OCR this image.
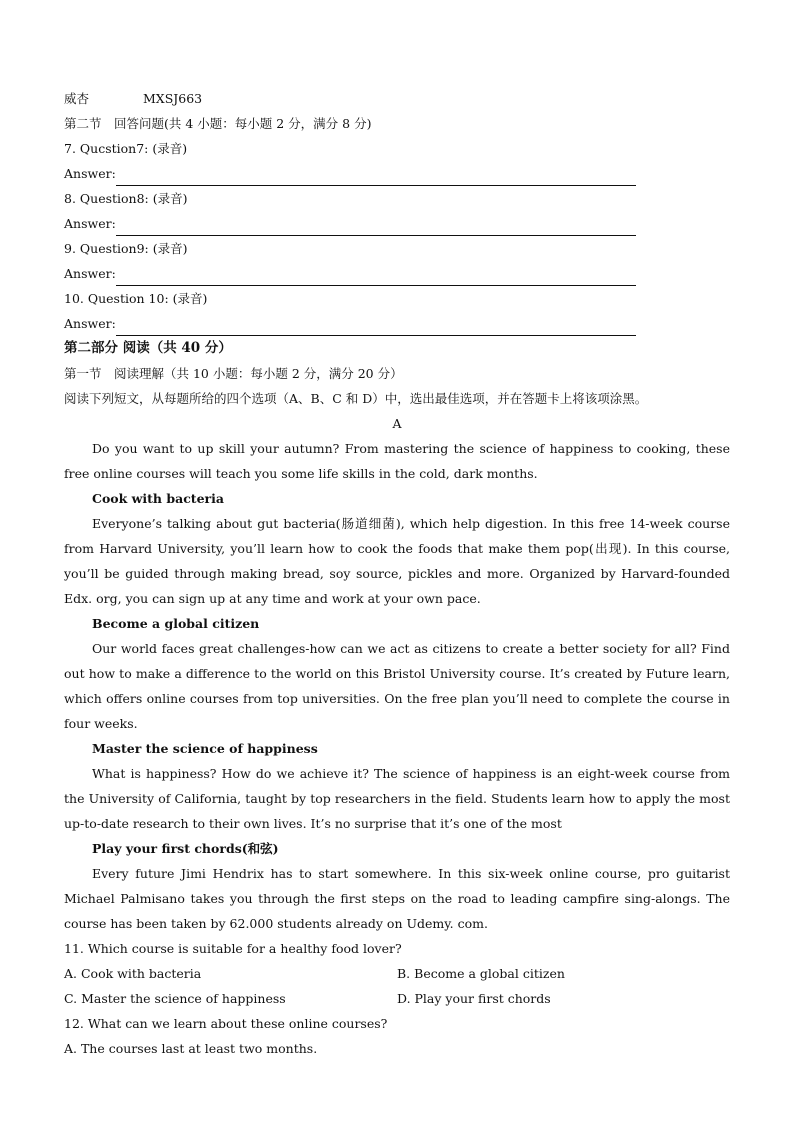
威杏	MXSJ663
第二节　回答问题(共 4 小题：每小题 2 分，满分 8 分)
7. Qucstion7: (录音)
Answer:
8. Question8: (录音)
Answer:
9. Question9: (录音)
Answer:
10. Question 10: (录音)
Answer:
第二部分 阅读（共 40 分）
第一节　阅读理解（共 10 小题：每小题 2 分，满分 20 分）
阅读下列短文，从每题所给的四个选项（A、B、C 和 D）中，选出最佳选项，并在答题卡上将该项涂黑。
A
Do you want to up skill your autumn? From mastering the science of happiness to cooking, these free online courses will teach you some life skills in the cold, dark months.
Cook with bacteria
Everyone’s talking about gut bacteria(肠道细菌), which help digestion. In this free 14-week course from Harvard University, you’ll learn how to cook the foods that make them pop(出现). In this course, you’ll be guided through making bread, soy source, pickles and more. Organized by Harvard-founded Edx. org, you can sign up at any time and work at your own pace.
Become a global citizen
Our world faces great challenges-how can we act as citizens to create a better society for all? Find out how to make a difference to the world on this Bristol University course. It’s created by Future learn, which offers online courses from top universities. On the free plan you’ll need to complete the course in four weeks.
Master the science of happiness
What is happiness? How do we achieve it? The science of happiness is an eight-week course from the University of California, taught by top researchers in the field. Students learn how to apply the most up-to-date research to their own lives. It’s no surprise that it’s one of the most
Play your first chords(和弦)
Every future Jimi Hendrix has to start somewhere. In this six-week online course, pro guitarist Michael Palmisano takes you through the first steps on the road to leading campfire sing-alongs. The course has been taken by 62.000 students already on Udemy. com.
11. Which course is suitable for a healthy food lover?
A. Cook with bacteria	B. Become a global citizen
C. Master the science of happiness	D. Play your first chords
12. What can we learn about these online courses?
A. The courses last at least two months.
